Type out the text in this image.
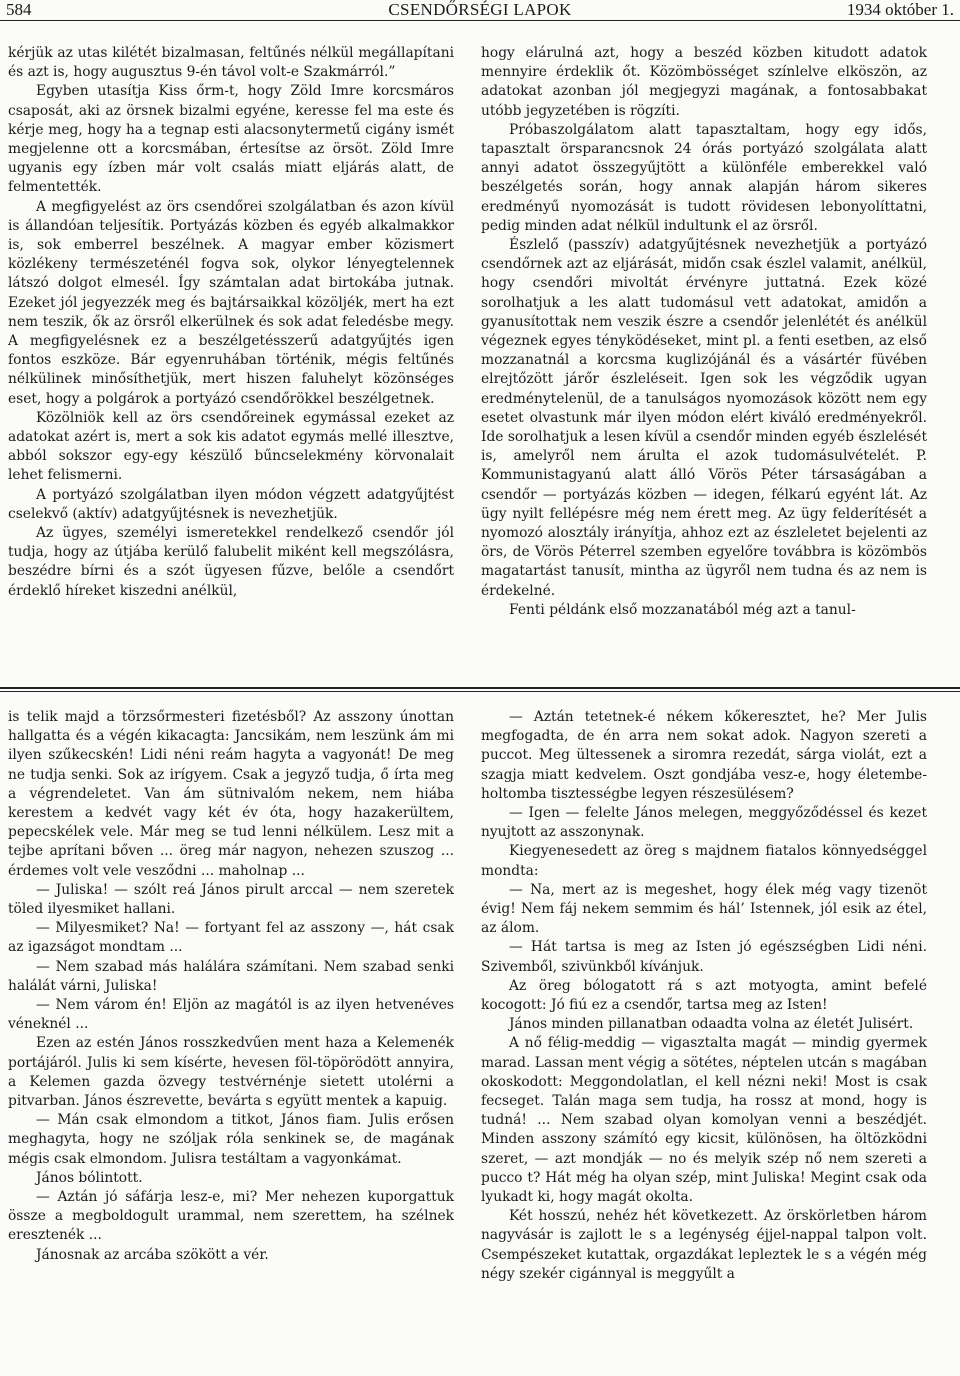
584	CSENDŐRSÉGI LAPOK	1934 október 1.

kérjük az utas kilétét bizalmasan, feltűnés nélkül megállapítani és azt is, hogy augusztus 9-én távol volt-e Szakmárról.”

Egyben utasítja Kiss őrm-t, hogy Zöld Imre korcsmáros csaposát, aki az örsnek bizalmi egyéne, keresse fel ma este és kérje meg, hogy ha a tegnap esti alacsonytermetű cigány ismét megjelenne ott a korcsmában, értesítse az örsöt. Zöld Imre ugyanis egy ízben már volt csalás miatt eljárás alatt, de felmentették.

A megfigyelést az örs csendőrei szolgálatban és azon kívül is állandóan teljesítik. Portyázás közben és egyéb alkalmakkor is, sok emberrel beszélnek. A magyar ember közismert közlékeny természeténél fogva sok, olykor lényegtelennek látszó dolgot elmesél. Így számtalan adat birtokába jutnak. Ezeket jól jegyezzék meg és bajtársaikkal közöljék, mert ha ezt nem teszik, ők az örsről elkerülnek és sok adat feledésbe megy. A megfigyelésnek ez a beszélgetésszerű adatgyűjtés igen fontos eszköze. Bár egyenruhában történik, mégis feltűnés nélkülinek minősíthetjük, mert hiszen faluhelyt közönséges eset, hogy a polgárok a portyázó csendőrökkel beszélgetnek.

Közölniök kell az örs csendőreinek egymással ezeket az adatokat azért is, mert a sok kis adatot egymás mellé illesztve, abból sokszor egy-egy készülő bűncselekmény körvonalait lehet felismerni.

A portyázó szolgálatban ilyen módon végzett adatgyűjtést cselekvő (aktív) adatgyűjtésnek is nevezhetjük.

Az ügyes, személyi ismeretekkel rendelkező csendőr jól tudja, hogy az útjába kerülő falubelit miként kell megszólásra, beszédre bírni és a szót ügyesen fűzve, belőle a csendőrt érdeklő híreket kiszedni anélkül,

hogy elárulná azt, hogy a beszéd közben kitudott adatok mennyire érdeklik őt. Közömbösséget színlelve elköszön, az adatokat azonban jól megjegyzi magának, a fontosabbakat utóbb jegyzetében is rögzíti.

Próbaszolgálatom alatt tapasztaltam, hogy egy idős, tapasztalt örsparancsnok 24 órás portyázó szolgálata alatt annyi adatot összegyűjtött a különféle emberekkel való beszélgetés során, hogy annak alapján három sikeres eredményű nyomozását is tudott rövidesen lebonyolíttatni, pedig minden adat nélkül indultunk el az örsről.

Észlelő (passzív) adatgyűjtésnek nevezhetjük a portyázó csendőrnek azt az eljárását, midőn csak észlel valamit, anélkül, hogy csendőri mivoltát érvényre juttatná. Ezek közé sorolhatjuk a les alatt tudomásul vett adatokat, amidőn a gyanusítottak nem veszik észre a csendőr jelenlétét és anélkül végeznek egyes tényködéseket, mint pl. a fenti esetben, az első mozzanatnál a korcsma kuglizójánál és a vásártér füvében elrejtőzött járőr észleléseit. Igen sok les végződik ugyan eredménytelenül, de a tanulságos nyomozások között nem egy esetet olvastunk már ilyen módon elért kiváló eredményekről. Ide sorolhatjuk a lesen kívül a csendőr minden egyéb észlelését is, amelyről nem árulta el azok tudomásulvételét. P. Kommunistagyanú alatt álló Vörös Péter társaságában a csendőr — portyázás közben — idegen, félkarú egyént lát. Az ügy nyilt fellépésre még nem érett meg. Az ügy felderítését a nyomozó alosztály irányítja, ahhoz ezt az észleletet bejelenti az örs, de Vörös Péterrel szemben egyelőre továbbra is közömbös magatartást tanusít, mintha az ügyről nem tudna és az nem is érdekelné.

Fenti példánk első mozzanatából még azt a tanul-

is telik majd a törzsőrmesteri fizetésből? Az asszony únottan hallgatta és a végén kikacagta: Jancsikám, nem leszünk ám mi ilyen szűkecskén! Lidi néni reám hagyta a vagyonát! De meg ne tudja senki. Sok az irígyem. Csak a jegyző tudja, ő írta meg a végrendeletet. Van ám sütnivalóm nekem, nem hiába kerestem a kedvét vagy két év óta, hogy hazakerültem, pepecskélek vele. Már meg se tud lenni nélkülem. Lesz mit a tejbe aprítani bőven ... öreg már nagyon, nehezen szuszog ... érdemes volt vele vesződni ... maholnap ...

— Juliska! — szólt reá János pirult arccal — nem szeretek töled ilyesmiket hallani.

— Milyesmiket? Na! — fortyant fel az asszony —, hát csak az igazságot mondtam ...

— Nem szabad más halálára számítani. Nem szabad senki halálát várni, Juliska!

— Nem várom én! Eljön az magától is az ilyen hetvenéves véneknél ...

Ezen az estén János rosszkedvűen ment haza a Kelemenék portájáról. Julis ki sem kísérte, hevesen föl-töpörödött annyira, a Kelemen gazda özvegy testvérnénje sietett utolérni a pitvarban. János észrevette, bevárta s együtt mentek a kapuig.

— Mán csak elmondom a titkot, János fiam. Julis erősen meghagyta, hogy ne szóljak róla senkinek se, de magának mégis csak elmondom. Julisra testáltam a vagyonkámat.

János bólintott.

— Aztán jó sáfárja lesz-e, mi? Mer nehezen kuporgattuk össze a megboldogult urammal, nem szerettem, ha szélnek eresztenék ...

Jánosnak az arcába szökött a vér.

— Aztán tetetnek-é nékem kőkeresztet, he? Mer Julis megfogadta, de én arra nem sokat adok. Nagyon szereti a puccot. Meg ültessenek a siromra rezedát, sárga violát, ezt a szagja miatt kedvelem. Oszt gondjába vesz-e, hogy életembe-holtomba tisztességbe legyen részesülésem?

— Igen — felelte János melegen, meggyőződéssel és kezet nyujtott az asszonynak.

Kiegyenesedett az öreg s majdnem fiatalos könnyedséggel mondta:

— Na, mert az is megeshet, hogy élek még vagy tizenöt évig! Nem fáj nekem semmim és hál’ Istennek, jól esik az étel, az álom.

— Hát tartsa is meg az Isten jó egészségben Lidi néni. Szivemből, szivünkből kívánjuk.

Az öreg bólogatott rá s azt motyogta, amint befelé kocogott: Jó fiú ez a csendőr, tartsa meg az Isten!

János minden pillanatban odaadta volna az életét Julisért.

A nő félig-meddig — vigasztalta magát — mindig gyermek marad. Lassan ment végig a sötétes, néptelen utcán s magában okoskodott: Meggondolatlan, el kell nézni neki! Most is csak fecseget. Talán maga sem tudja, ha rossz at mond, hogy is tudná! ... Nem szabad olyan komolyan venni a beszédjét. Minden asszony számító egy kicsit, különösen, ha öltözködni szeret, — azt mondják — no és melyik szép nő nem szereti a pucco t? Hát még ha olyan szép, mint Juliska! Megint csak oda lyukadt ki, hogy magát okolta.

Két hosszú, nehéz hét következett. Az örskörletben három nagyvásár is zajlott le s a legénység éjjel-nappal talpon volt. Csempészeket kutattak, orgazdákat lepleztek le s a végén még négy szekér cigánnyal is meggyűlt a
